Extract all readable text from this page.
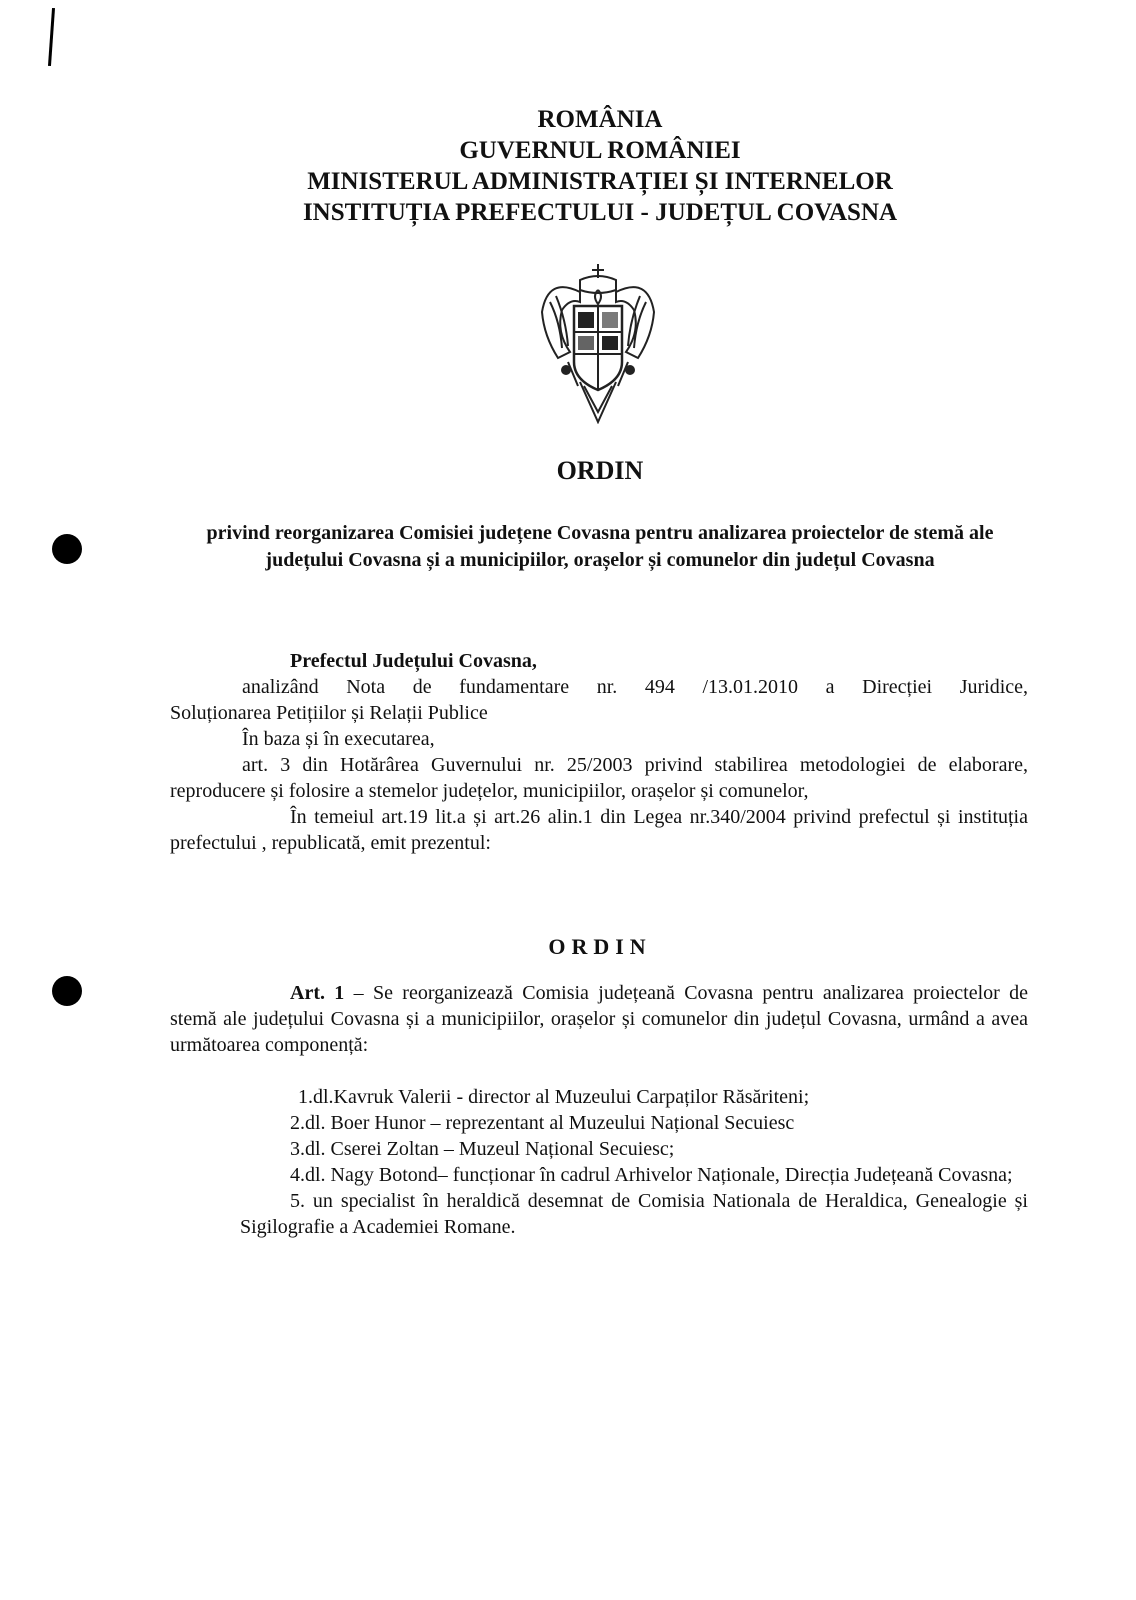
ROMÂNIA
GUVERNUL ROMÂNIEI
MINISTERUL ADMINISTRAȚIEI ȘI INTERNELOR
INSTITUȚIA PREFECTULUI - JUDEȚUL COVASNA
ORDIN
privind reorganizarea Comisiei județene Covasna pentru analizarea proiectelor de stemă ale județului Covasna și a municipiilor, orașelor și comunelor din județul Covasna

Prefectul Județului Covasna,

analizând Nota de fundamentare nr. 494 /13.01.2010 a Direcției Juridice,

Soluționarea Petițiilor și Relații Publice

În baza și în executarea,

art. 3 din Hotărârea Guvernului nr. 25/2003 privind stabilirea metodologiei de elaborare, reproducere și folosire a stemelor județelor, municipiilor, orașelor și comunelor,

În temeiul art.19 lit.a și art.26 alin.1 din Legea nr.340/2004 privind prefectul și instituția prefectului , republicată, emit prezentul:

ORDIN

Art. 1 – Se reorganizează Comisia județeană Covasna pentru analizarea proiectelor de stemă ale județului Covasna și a municipiilor, orașelor și comunelor din județul Covasna, urmând a avea următoarea componență:

1.dl.Kavruk Valerii - director al Muzeului Carpaților Răsăriteni;

2.dl. Boer Hunor – reprezentant al Muzeului Național Secuiesc

3.dl. Cserei Zoltan – Muzeul Național Secuiesc;

4.dl. Nagy Botond– funcționar în cadrul Arhivelor Naționale, Direcția Județeană Covasna;

5. un specialist în heraldică desemnat de Comisia Nationala de Heraldica, Genealogie și Sigilografie a Academiei Romane.
